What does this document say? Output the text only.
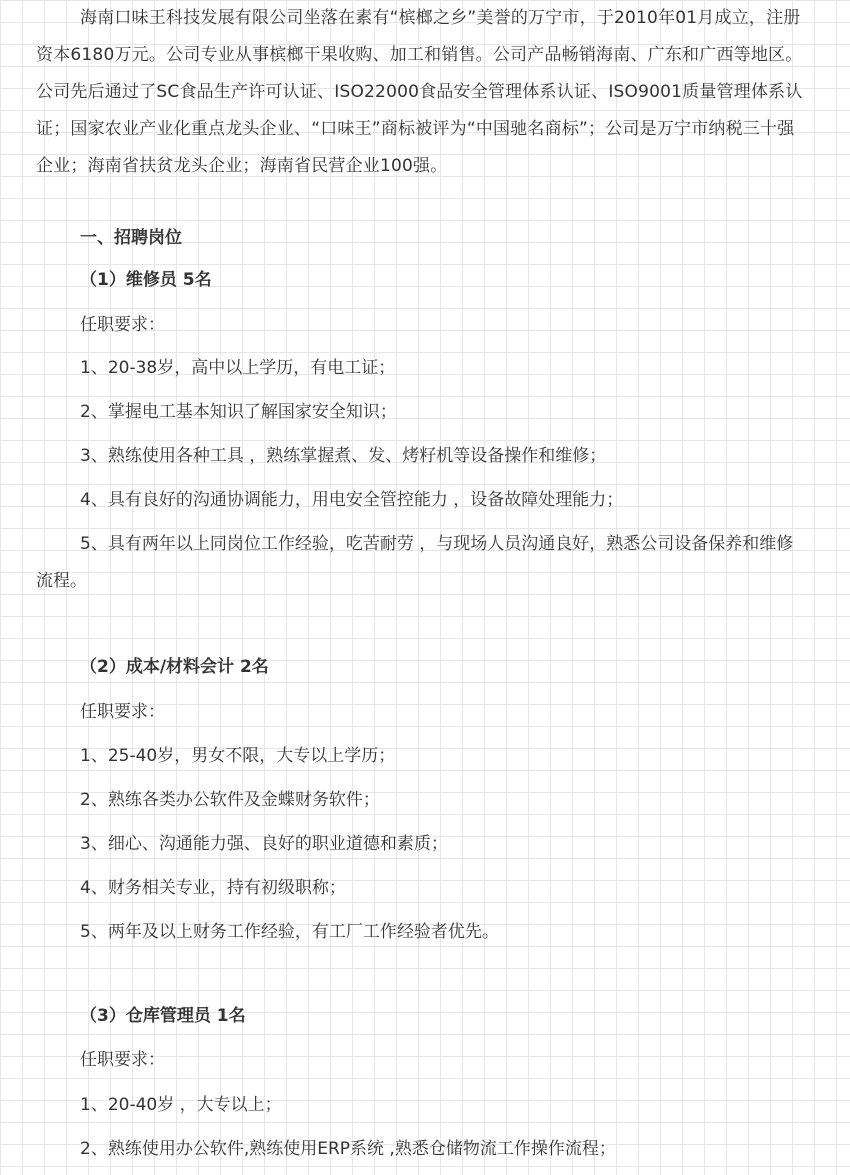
海南口味王科技发展有限公司坐落在素有“槟榔之乡”美誉的万宁市，于2010年01月成立，注册资本6180万元。公司专业从事槟榔干果收购、加工和销售。公司产品畅销海南、广东和广西等地区。公司先后通过了SC食品生产许可认证、ISO22000食品安全管理体系认证、ISO9001质量管理体系认证；国家农业产业化重点龙头企业、“口味王”商标被评为“中国驰名商标”；公司是万宁市纳税三十强企业；海南省扶贫龙头企业；海南省民营企业100强。

一、招聘岗位

（1）维修员 5名

任职要求：

1、20-38岁，高中以上学历，有电工证；

2、掌握电工基本知识了解国家安全知识；

3、熟练使用各种工具 ，熟练掌握煮、发、烤籽机等设备操作和维修；

4、具有良好的沟通协调能力，用电安全管控能力 ，设备故障处理能力；

5、具有两年以上同岗位工作经验，吃苦耐劳 ，与现场人员沟通良好，熟悉公司设备保养和维修流程。

（2）成本/材料会计 2名

任职要求：

1、25-40岁，男女不限，大专以上学历；

2、熟练各类办公软件及金蝶财务软件；

3、细心、沟通能力强、良好的职业道德和素质；

4、财务相关专业，持有初级职称；

5、两年及以上财务工作经验，有工厂工作经验者优先。

（3）仓库管理员 1名

任职要求：

1、20-40岁 ，大专以上；

2、熟练使用办公软件,熟练使用ERP系统 ,熟悉仓储物流工作操作流程；
